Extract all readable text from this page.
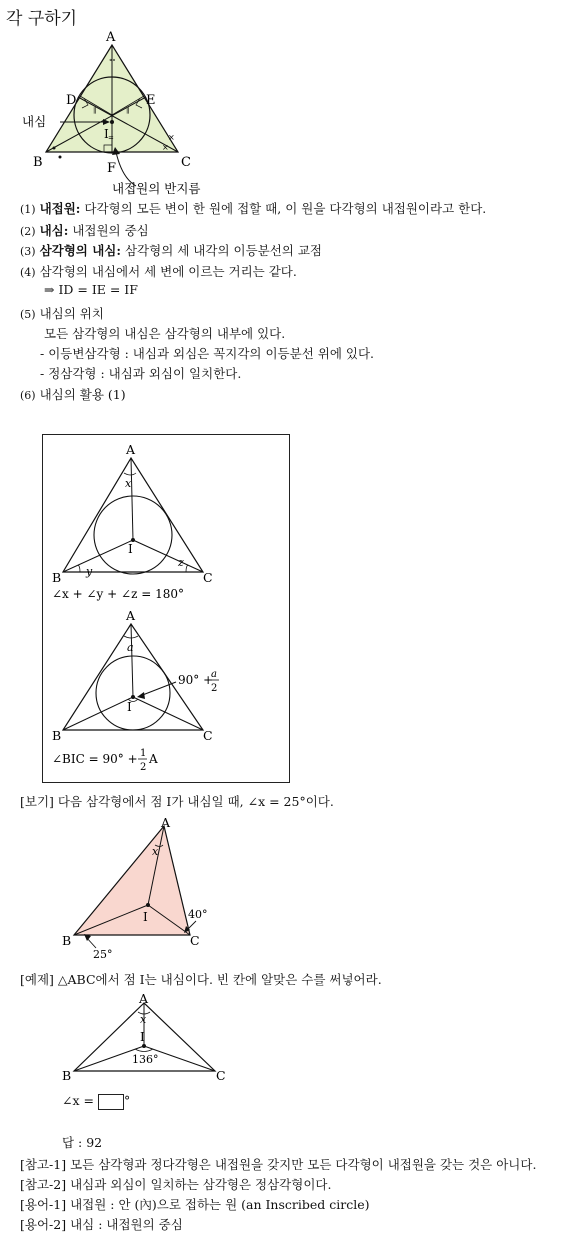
각 구하기
∘∘
×
×
∥	∥
=
A
B	C
D	E
F
I
내심
내접원의 반지름
(1) 내접원: 다각형의 모든 변이 한 원에 접할 때, 이 원을 다각형의 내접원이라고 한다.
(2) 내심: 내접원의 중심
(3) 삼각형의 내심: 삼각형의 세 내각의 이등분선의 교점
(4) 삼각형의 내심에서 세 변에 이르는 거리는 같다.
⇒ ID = IE = IF
(5) 내심의 위치
모든 삼각형의 내심은 삼각형의 내부에 있다.
- 이등변삼각형 : 내심과 외심은 꼭지각의 이등분선 위에 있다.
- 정삼각형 : 내심과 외심이 일치한다.
(6) 내심의 활용 (1)
A
B	C
I
x
y
z
∠x + ∠y + ∠z = 180°
A
B	C
I
a
90° +
a
2
∠BIC = 90° + 1
2
A
[보기] 다음 삼각형에서 점 I가 내심일 때, ∠x = 25°이다.
A
B	C
I
x
25°
40°
[예제] △ABC에서 점 I는 내심이다. 빈 칸에 알맞은 수를 써넣어라.
A
B	C
I
x
136°
∠x = °
답 : 92
[참고-1] 모든 삼각형과 정다각형은 내접원을 갖지만 모든 다각형이 내접원을 갖는 것은 아니다.
[참고-2] 내심과 외심이 일치하는 삼각형은 정삼각형이다.
[용어-1] 내접원 : 안 (內)으로 접하는 원 (an Inscribed circle)
[용어-2] 내심 : 내접원의 중심
